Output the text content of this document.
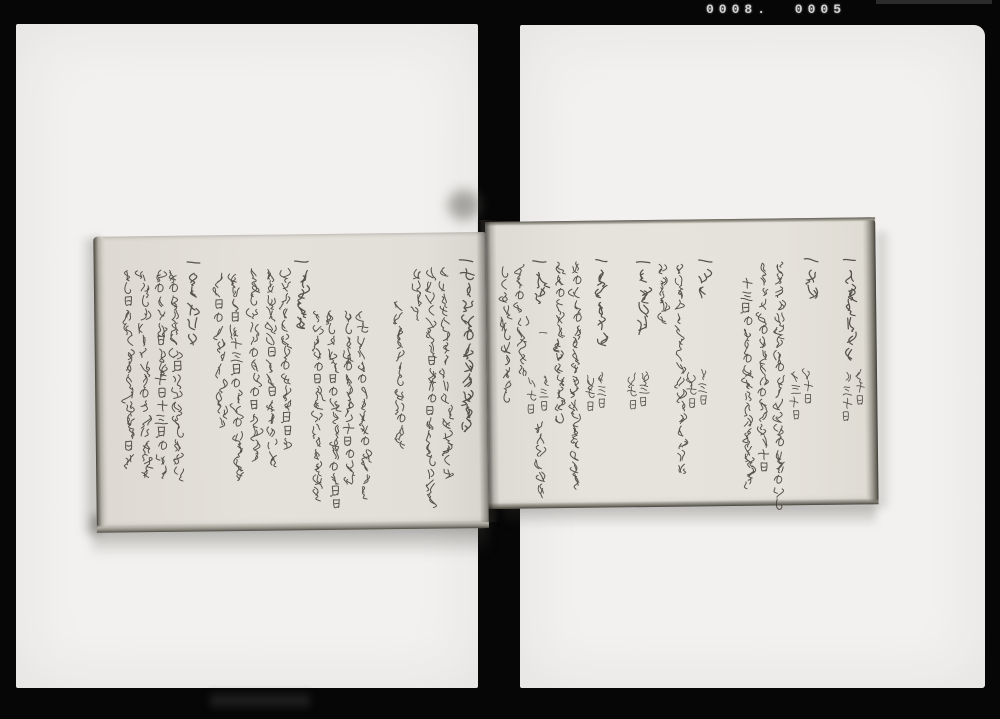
0008. 0005
